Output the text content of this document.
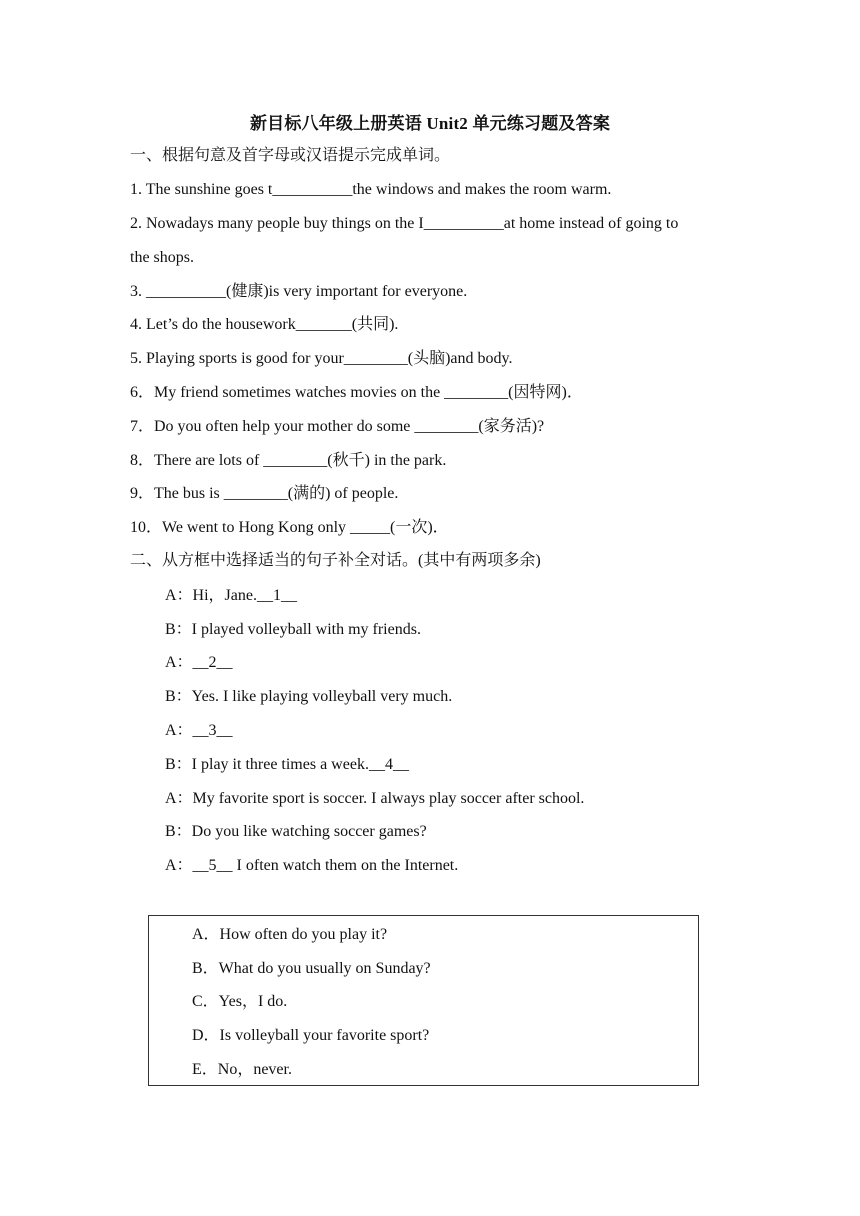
新目标八年级上册英语 Unit2 单元练习题及答案
一、根据句意及首字母或汉语提示完成单词。
1. The sunshine goes t__________the windows and makes the room warm.
2. Nowadays many people buy things on the I__________at home instead of going to
the shops.
3. __________(健康)is very important for everyone.
4. Let’s do the housework_______(共同).
5. Playing sports is good for your________(头脑)and body.
6．My friend sometimes watches movies on the ________(因特网)．
7．Do you often help your mother do some ________(家务活)?
8．There are lots of ________(秋千) in the park.
9．The bus is ________(满的) of people.
10．We went to Hong Kong only _____(一次)．
二、从方框中选择适当的句子补全对话。(其中有两项多余)
A：Hi，Jane.__1__
B：I played volleyball with my friends.
A：__2__
B：Yes. I like playing volleyball very much.
A：__3__
B：I play it three times a week.__4__
A：My favorite sport is soccer. I always play soccer after school.
B：Do you like watching soccer games?
A：__5__ I often watch them on the Internet.
A．How often do you play it?
B．What do you usually on Sunday?
C．Yes，I do.
D．Is volleyball your favorite sport?
E．No，never.
